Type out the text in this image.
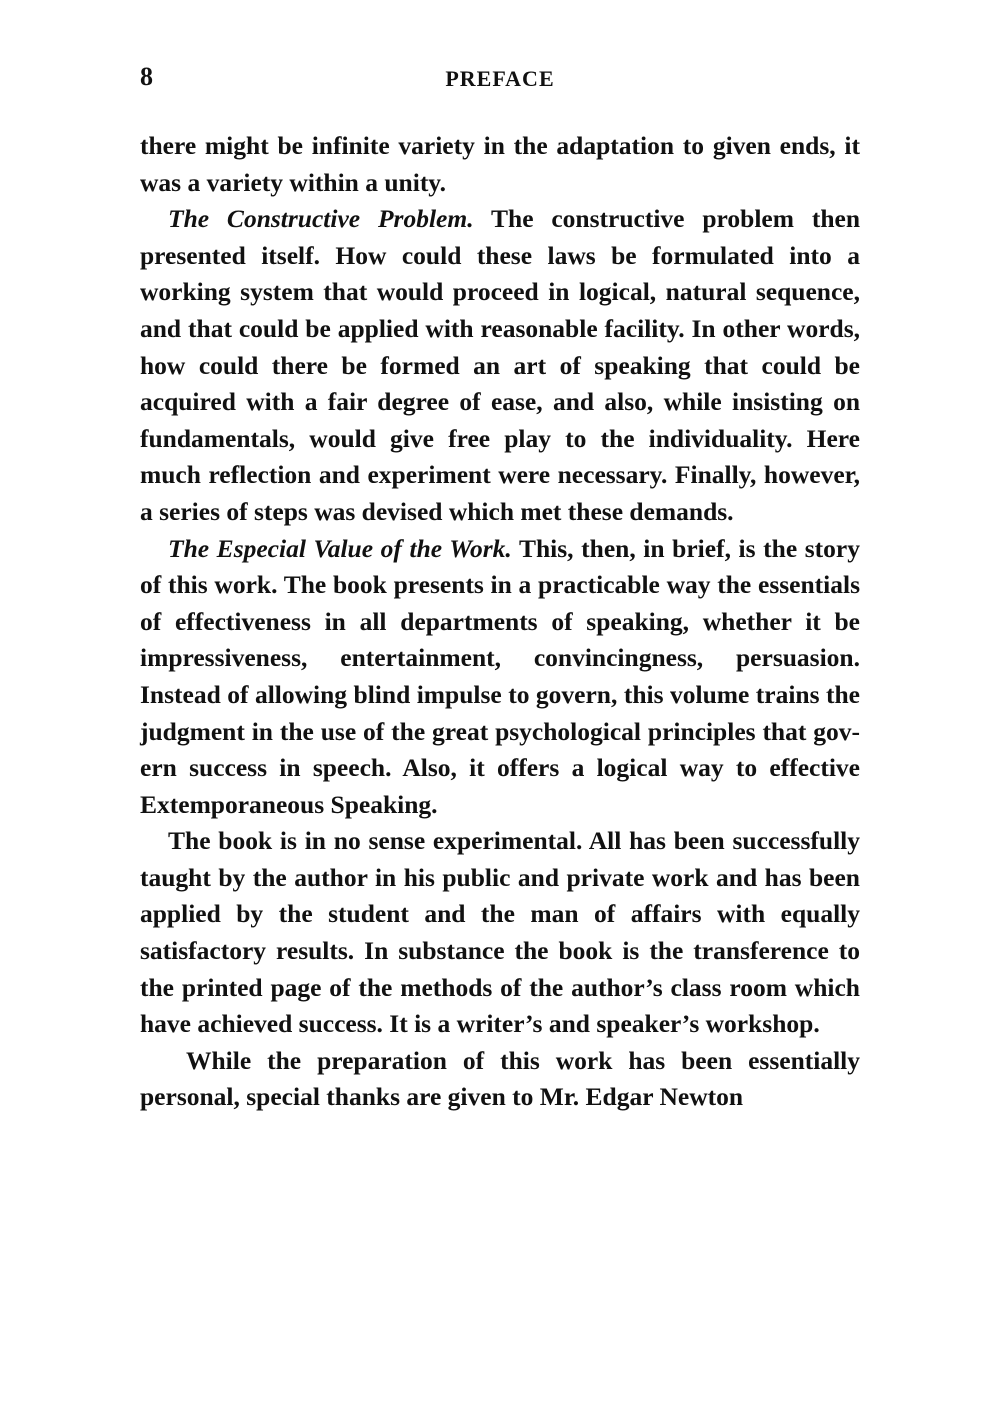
8	PREFACE

there might be infinite variety in the adaptation to given ends, it was a variety within a unity.

The Constructive Problem. The constructive problem then presented itself. How could these laws be formulated into a working system that would proceed in logical, natural sequence, and that could be applied with reasonable facility. In other words, how could there be formed an art of speaking that could be acquired with a fair degree of ease, and also, while insisting on fundamentals, would give free play to the individuality. Here much reflection and experiment were necessary. Finally, however, a series of steps was devised which met these demands.

The Especial Value of the Work. This, then, in brief, is the story of this work. The book presents in a practicable way the essentials of effectiveness in all departments of speaking, whether it be impressiveness, entertainment, convincingness, persuasion. Instead of allowing blind impulse to govern, this volume trains the judgment in the use of the great psychological principles that govern success in speech. Also, it offers a logical way to effective Extemporaneous Speaking.

The book is in no sense experimental. All has been successfully taught by the author in his public and private work and has been applied by the student and the man of affairs with equally satisfactory results. In substance the book is the transference to the printed page of the methods of the author’s class room which have achieved success. It is a writer’s and speaker’s workshop.

While the preparation of this work has been essentially personal, special thanks are given to Mr. Edgar Newton
